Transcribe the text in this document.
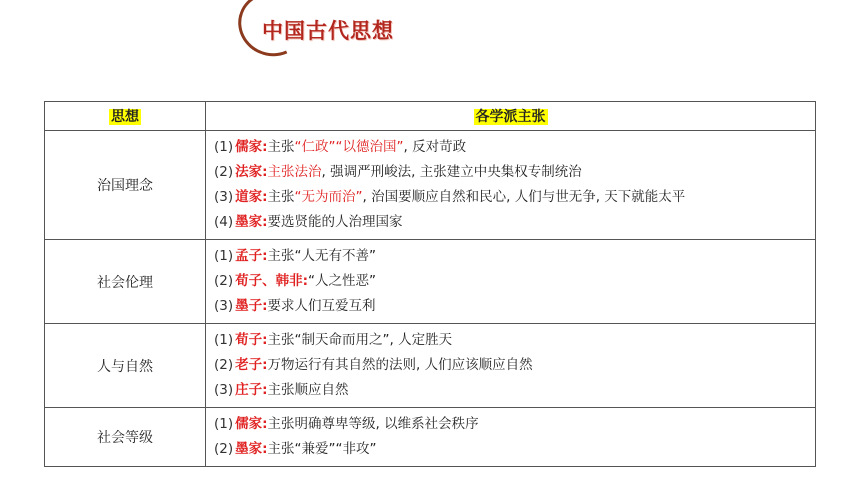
中国古代思想
思想	各学派主张
治国理念	(1) 儒家:主张“仁政”“以德治国”, 反对苛政
(2) 法家:主张法治, 强调严刑峻法, 主张建立中央集权专制统治
(3) 道家:主张“无为而治”, 治国要顺应自然和民心, 人们与世无争, 天下就能太平
(4) 墨家:要选贤能的人治理国家

社会伦理	(1) 孟子:主张“人无有不善”
(2) 荀子、韩非:“人之性恶”
(3) 墨子:要求人们互爱互利

人与自然	(1) 荀子:主张“制天命而用之”, 人定胜天
(2) 老子:万物运行有其自然的法则, 人们应该顺应自然
(3) 庄子:主张顺应自然

社会等级	(1) 儒家:主张明确尊卑等级, 以维系社会秩序
(2) 墨家:主张“兼爱”“非攻”
